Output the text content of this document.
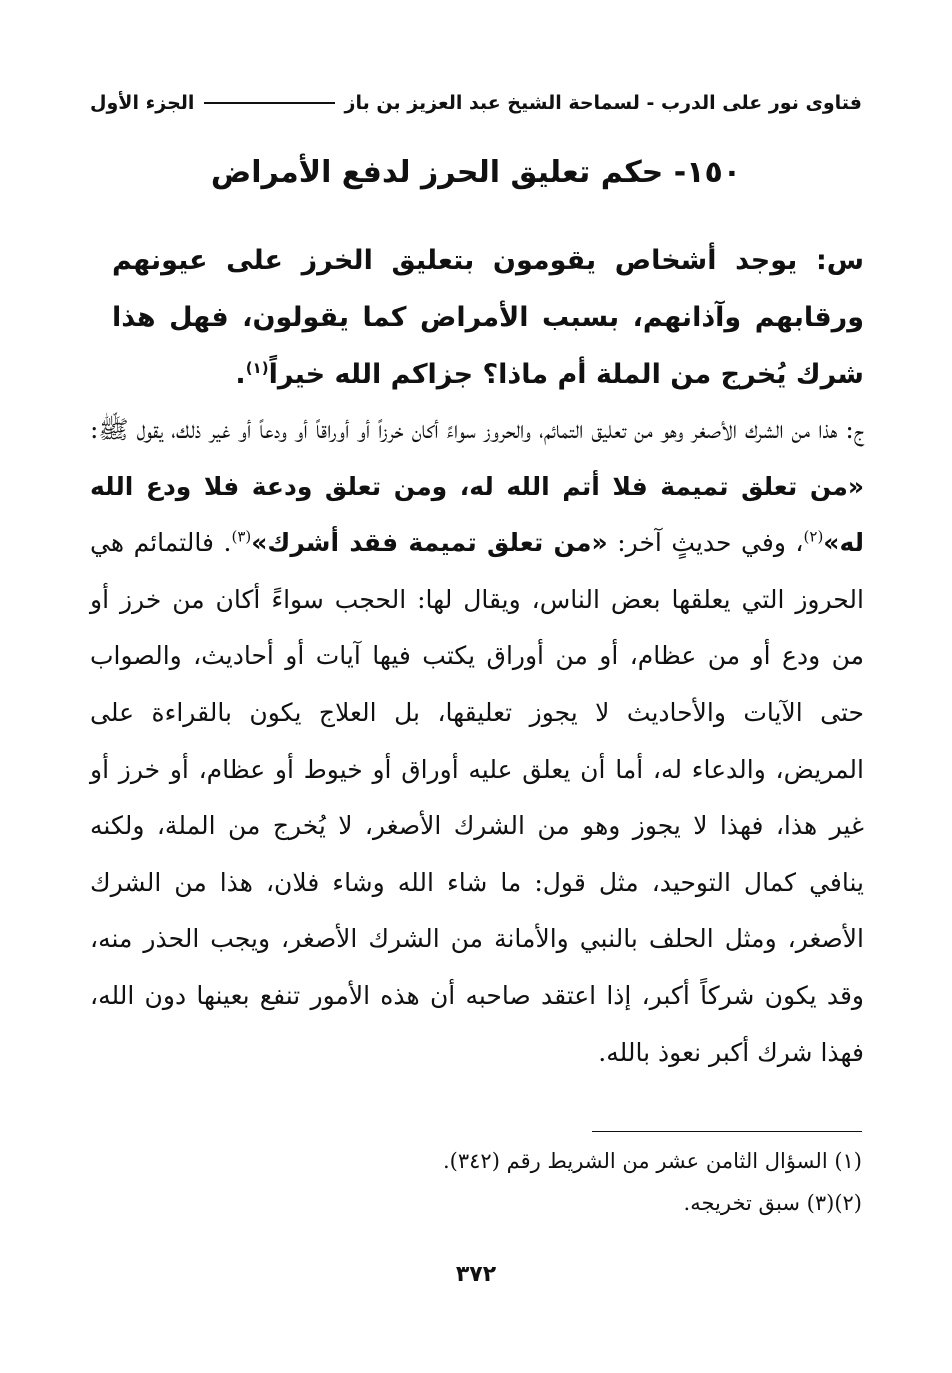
فتاوى نور على الدرب - لسماحة الشيخ عبد العزيز بن باز
الجزء الأول
١٥٠- حكم تعليق الحرز لدفع الأمراض
س: يوجد أشخاص يقومون بتعليق الخرز على عيونهم ورقابهم وآذانهم، بسبب الأمراض كما يقولون، فهل هذا شرك يُخرج من الملة أم ماذا؟ جزاكم الله خيراً$^{(١)}$.
ج: هذا من الشرك الأصغر وهو من تعليق التمائم، والحروز سواءً أكان خرزاً أو أوراقاً أو ودعاً أو غير ذلك، يقول ﷺ: «من تعلق تميمة فلا أتم الله له، ومن تعلق ودعة فلا ودع الله له»$^{(٢)}$، وفي حديثٍ آخر: «من تعلق تميمة فقد أشرك»$^{(٣)}$. فالتمائم هي الحروز التي يعلقها بعض الناس، ويقال لها: الحجب سواءً أكان من خرز أو من ودع أو من عظام، أو من أوراق يكتب فيها آيات أو أحاديث، والصواب حتى الآيات والأحاديث لا يجوز تعليقها، بل العلاج يكون بالقراءة على المريض، والدعاء له، أما أن يعلق عليه أوراق أو خيوط أو عظام، أو خرز أو غير هذا، فهذا لا يجوز وهو من الشرك الأصغر، لا يُخرج من الملة، ولكنه ينافي كمال التوحيد، مثل قول: ما شاء الله وشاء فلان، هذا من الشرك الأصغر، ومثل الحلف بالنبي والأمانة من الشرك الأصغر، ويجب الحذر منه، وقد يكون شركاً أكبر، إذا اعتقد صاحبه أن هذه الأمور تنفع بعينها دون الله، فهذا شرك أكبر نعوذ بالله.
(١) السؤال الثامن عشر من الشريط رقم (٣٤٢).
(٢)(٣) سبق تخريجه.
٣٧٢
